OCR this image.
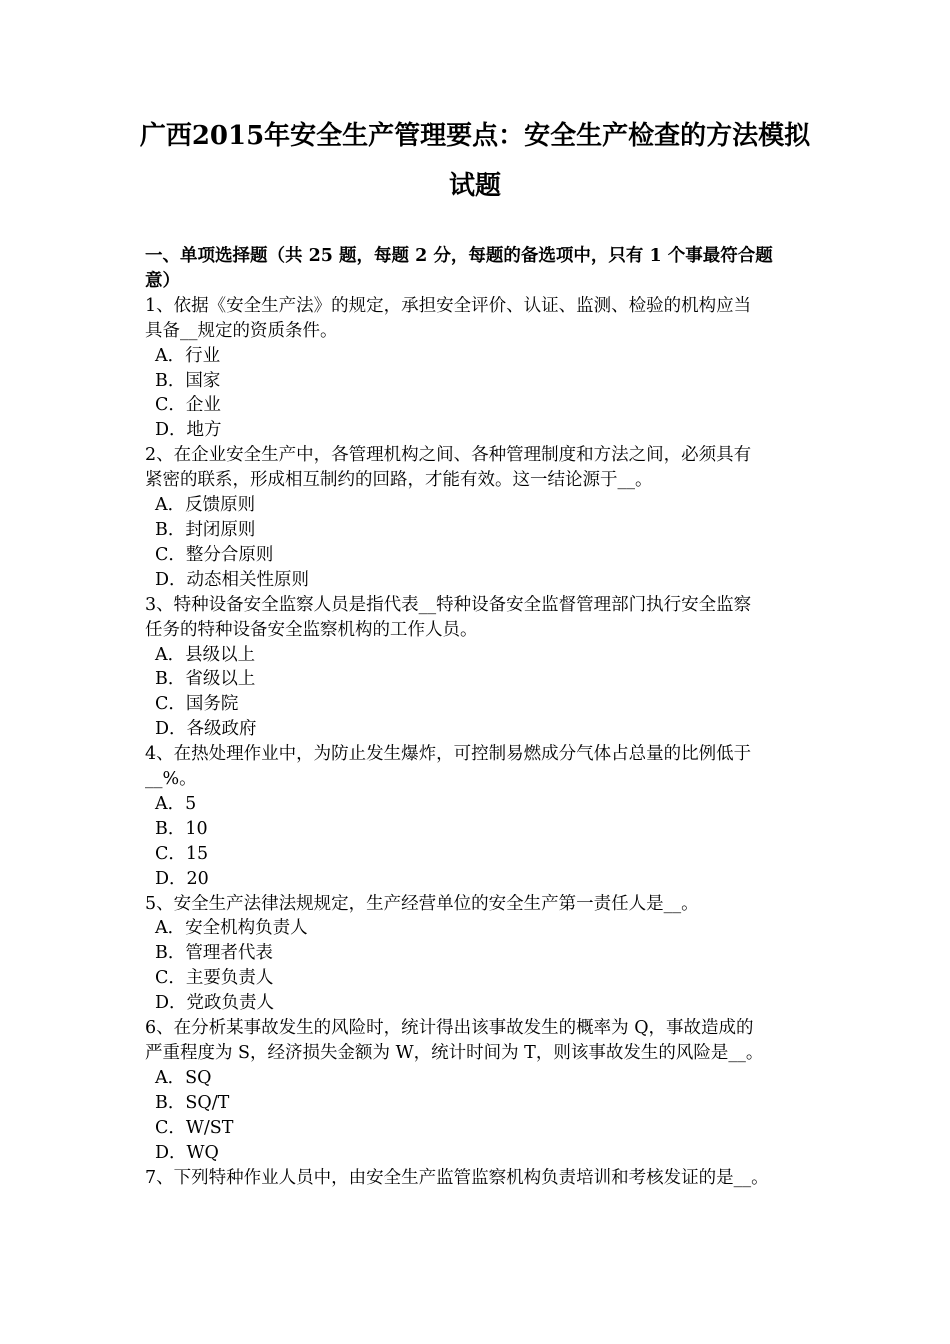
广西2015年安全生产管理要点：安全生产检查的方法模拟
试题
一、单项选择题（共 25 题，每题 2 分，每题的备选项中，只有 1 个事最符合题
意）
1、依据《安全生产法》的规定，承担安全评价、认证、监测、检验的机构应当
具备__规定的资质条件。
A．行业
B．国家
C．企业
D．地方
2、在企业安全生产中，各管理机构之间、各种管理制度和方法之间，必须具有
紧密的联系，形成相互制约的回路，才能有效。这一结论源于__。
A．反馈原则
B．封闭原则
C．整分合原则
D．动态相关性原则
3、特种设备安全监察人员是指代表__特种设备安全监督管理部门执行安全监察
任务的特种设备安全监察机构的工作人员。
A．县级以上
B．省级以上
C．国务院
D．各级政府
4、在热处理作业中，为防止发生爆炸，可控制易燃成分气体占总量的比例低于
__%。
A．5
B．10
C．15
D．20
5、安全生产法律法规规定，生产经营单位的安全生产第一责任人是__。
A．安全机构负责人
B．管理者代表
C．主要负责人
D．党政负责人
6、在分析某事故发生的风险时，统计得出该事故发生的概率为 Q，事故造成的
严重程度为 S，经济损失金额为 W，统计时间为 T，则该事故发生的风险是__。
A．SQ
B．SQ/T
C．W/ST
D．WQ
7、下列特种作业人员中，由安全生产监管监察机构负责培训和考核发证的是__。
